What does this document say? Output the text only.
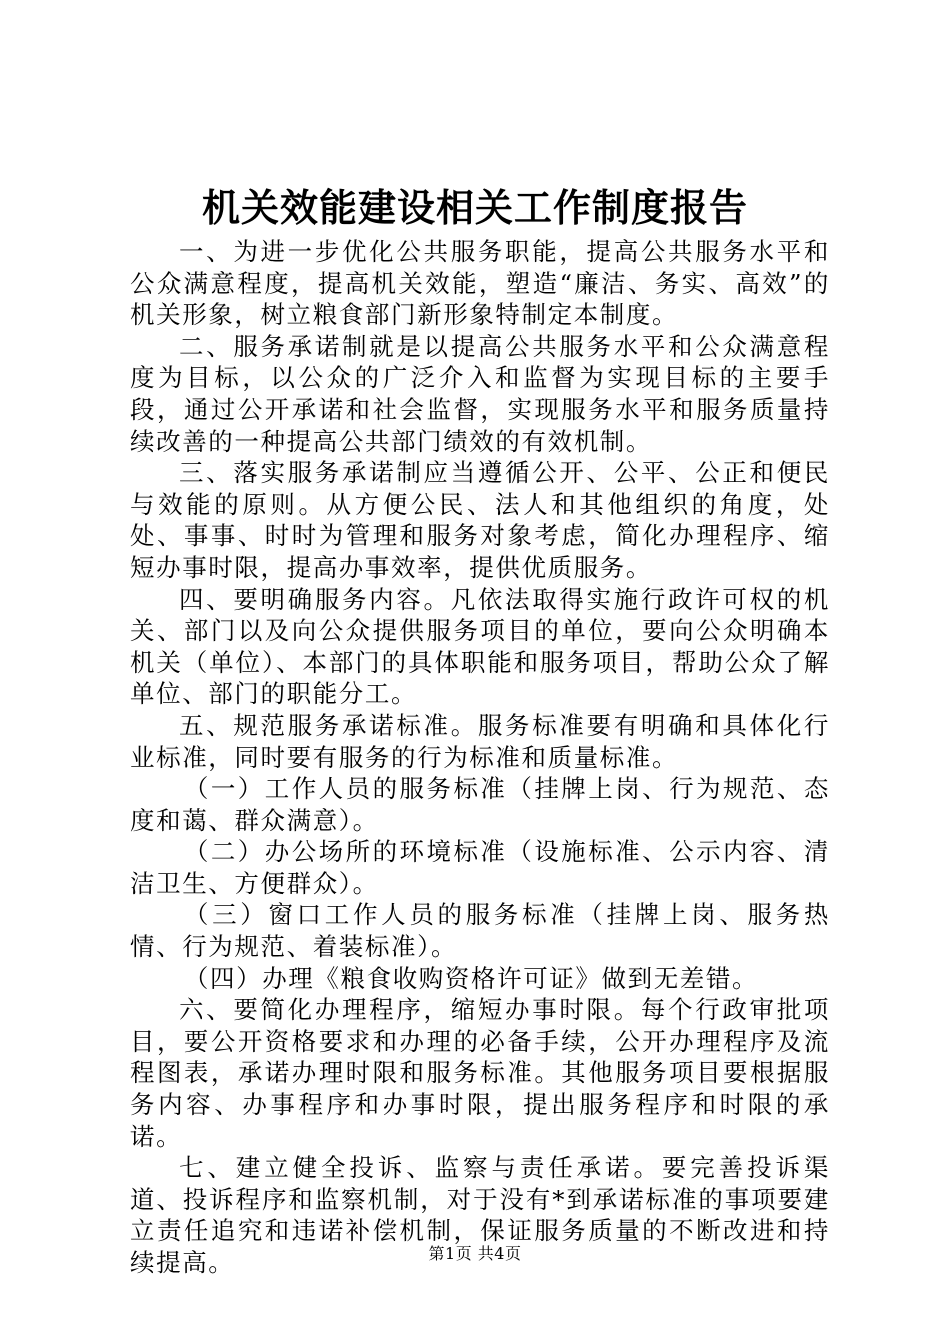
机关效能建设相关工作制度报告

一、为进一步优化公共服务职能，提高公共服务水平和公众满意程度，提高机关效能，塑造“廉洁、务实、高效”的机关形象，树立粮食部门新形象特制定本制度。

二、服务承诺制就是以提高公共服务水平和公众满意程度为目标，以公众的广泛介入和监督为实现目标的主要手段，通过公开承诺和社会监督，实现服务水平和服务质量持续改善的一种提高公共部门绩效的有效机制。

三、落实服务承诺制应当遵循公开、公平、公正和便民与效能的原则。从方便公民、法人和其他组织的角度，处处、事事、时时为管理和服务对象考虑，简化办理程序、缩短办事时限，提高办事效率，提供优质服务。

四、要明确服务内容。凡依法取得实施行政许可权的机关、部门以及向公众提供服务项目的单位，要向公众明确本机关（单位）、本部门的具体职能和服务项目，帮助公众了解单位、部门的职能分工。

五、规范服务承诺标准。服务标准要有明确和具体化行业标准，同时要有服务的行为标准和质量标准。

（一）工作人员的服务标准（挂牌上岗、行为规范、态度和蔼、群众满意）。

（二）办公场所的环境标准（设施标准、公示内容、清洁卫生、方便群众）。

（三）窗口工作人员的服务标准（挂牌上岗、服务热情、行为规范、着装标准）。

（四）办理《粮食收购资格许可证》做到无差错。

六、要简化办理程序，缩短办事时限。每个行政审批项目，要公开资格要求和办理的必备手续，公开办理程序及流程图表，承诺办理时限和服务标准。其他服务项目要根据服务内容、办事程序和办事时限，提出服务程序和时限的承诺。

七、建立健全投诉、监察与责任承诺。要完善投诉渠道、投诉程序和监察机制，对于没有*到承诺标准的事项要建立责任追究和违诺补偿机制，保证服务质量的不断改进和持续提高。	第1页 共4页
